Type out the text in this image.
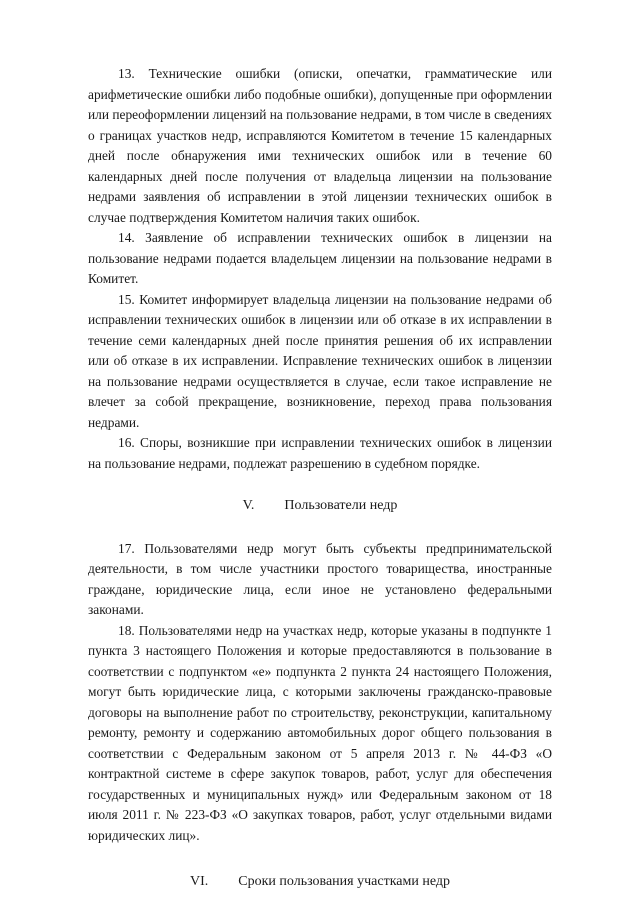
13. Технические ошибки (описки, опечатки, грамматические или арифметические ошибки либо подобные ошибки), допущенные при оформлении или переоформлении лицензий на пользование недрами, в том числе в сведениях о границах участков недр, исправляются Комитетом в течение 15 календарных дней после обнаружения ими технических ошибок или в течение 60 календарных дней после получения от владельца лицензии на пользование недрами заявления об исправлении в этой лицензии технических ошибок в случае подтверждения Комитетом наличия таких ошибок.

14. Заявление об исправлении технических ошибок в лицензии на пользование недрами подается владельцем лицензии на пользование недрами в Комитет.

15. Комитет информирует владельца лицензии на пользование недрами об исправлении технических ошибок в лицензии или об отказе в их исправлении в течение семи календарных дней после принятия решения об их исправлении или об отказе в их исправлении. Исправление технических ошибок в лицензии на пользование недрами осуществляется в случае, если такое исправление не влечет за собой прекращение, возникновение, переход права пользования недрами.

16. Споры, возникшие при исправлении технических ошибок в лицензии на пользование недрами, подлежат разрешению в судебном порядке.

V. Пользователи недр

17. Пользователями недр могут быть субъекты предпринимательской деятельности, в том числе участники простого товарищества, иностранные граждане, юридические лица, если иное не установлено федеральными законами.

18. Пользователями недр на участках недр, которые указаны в подпункте 1 пункта 3 настоящего Положения и которые предоставляются в пользование в соответствии с подпунктом «е» подпункта 2 пункта 24 настоящего Положения, могут быть юридические лица, с которыми заключены гражданско-правовые договоры на выполнение работ по строительству, реконструкции, капитальному ремонту, ремонту и содержанию автомобильных дорог общего пользования в соответствии с Федеральным законом от 5 апреля 2013 г. № 44-ФЗ «О контрактной системе в сфере закупок товаров, работ, услуг для обеспечения государственных и муниципальных нужд» или Федеральным законом от 18 июля 2011 г. № 223-ФЗ «О закупках товаров, работ, услуг отдельными видами юридических лиц».

VI. Сроки пользования участками недр
